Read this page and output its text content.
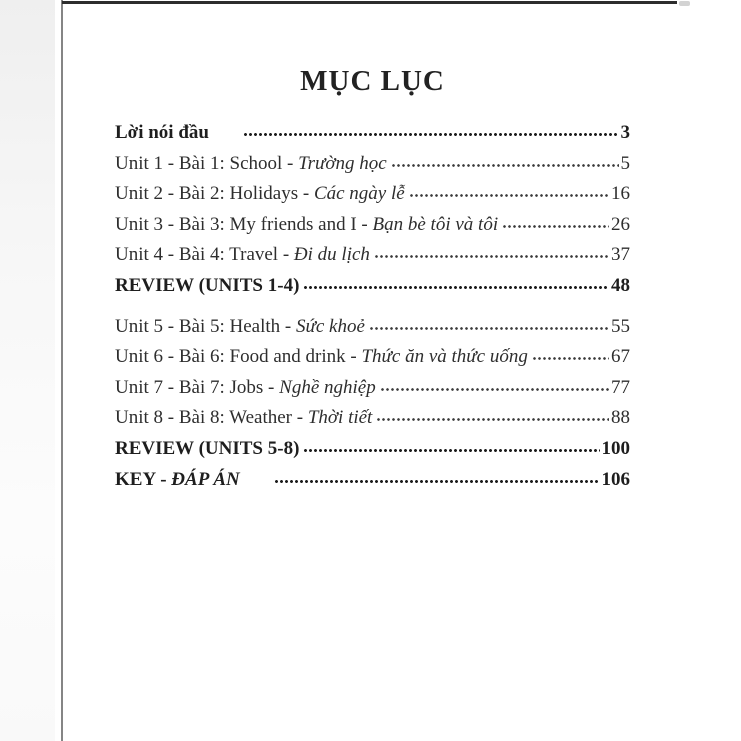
MỤC LỤC
Lời nói đầu	3
Unit 1 - Bài 1: School - Trường học	5
Unit 2 - Bài 2: Holidays - Các ngày lễ	16
Unit 3 - Bài 3: My friends and I - Bạn bè tôi và tôi	26
Unit 4 - Bài 4: Travel - Đi du lịch	37
REVIEW (UNITS 1-4)	48
Unit 5 - Bài 5: Health - Sức khoẻ	55
Unit 6 - Bài 6: Food and drink - Thức ăn và thức uống	67
Unit 7 - Bài 7: Jobs - Nghề nghiệp	77
Unit 8 - Bài 8: Weather - Thời tiết	88
REVIEW (UNITS 5-8)	100
KEY - ĐÁP ÁN	106
